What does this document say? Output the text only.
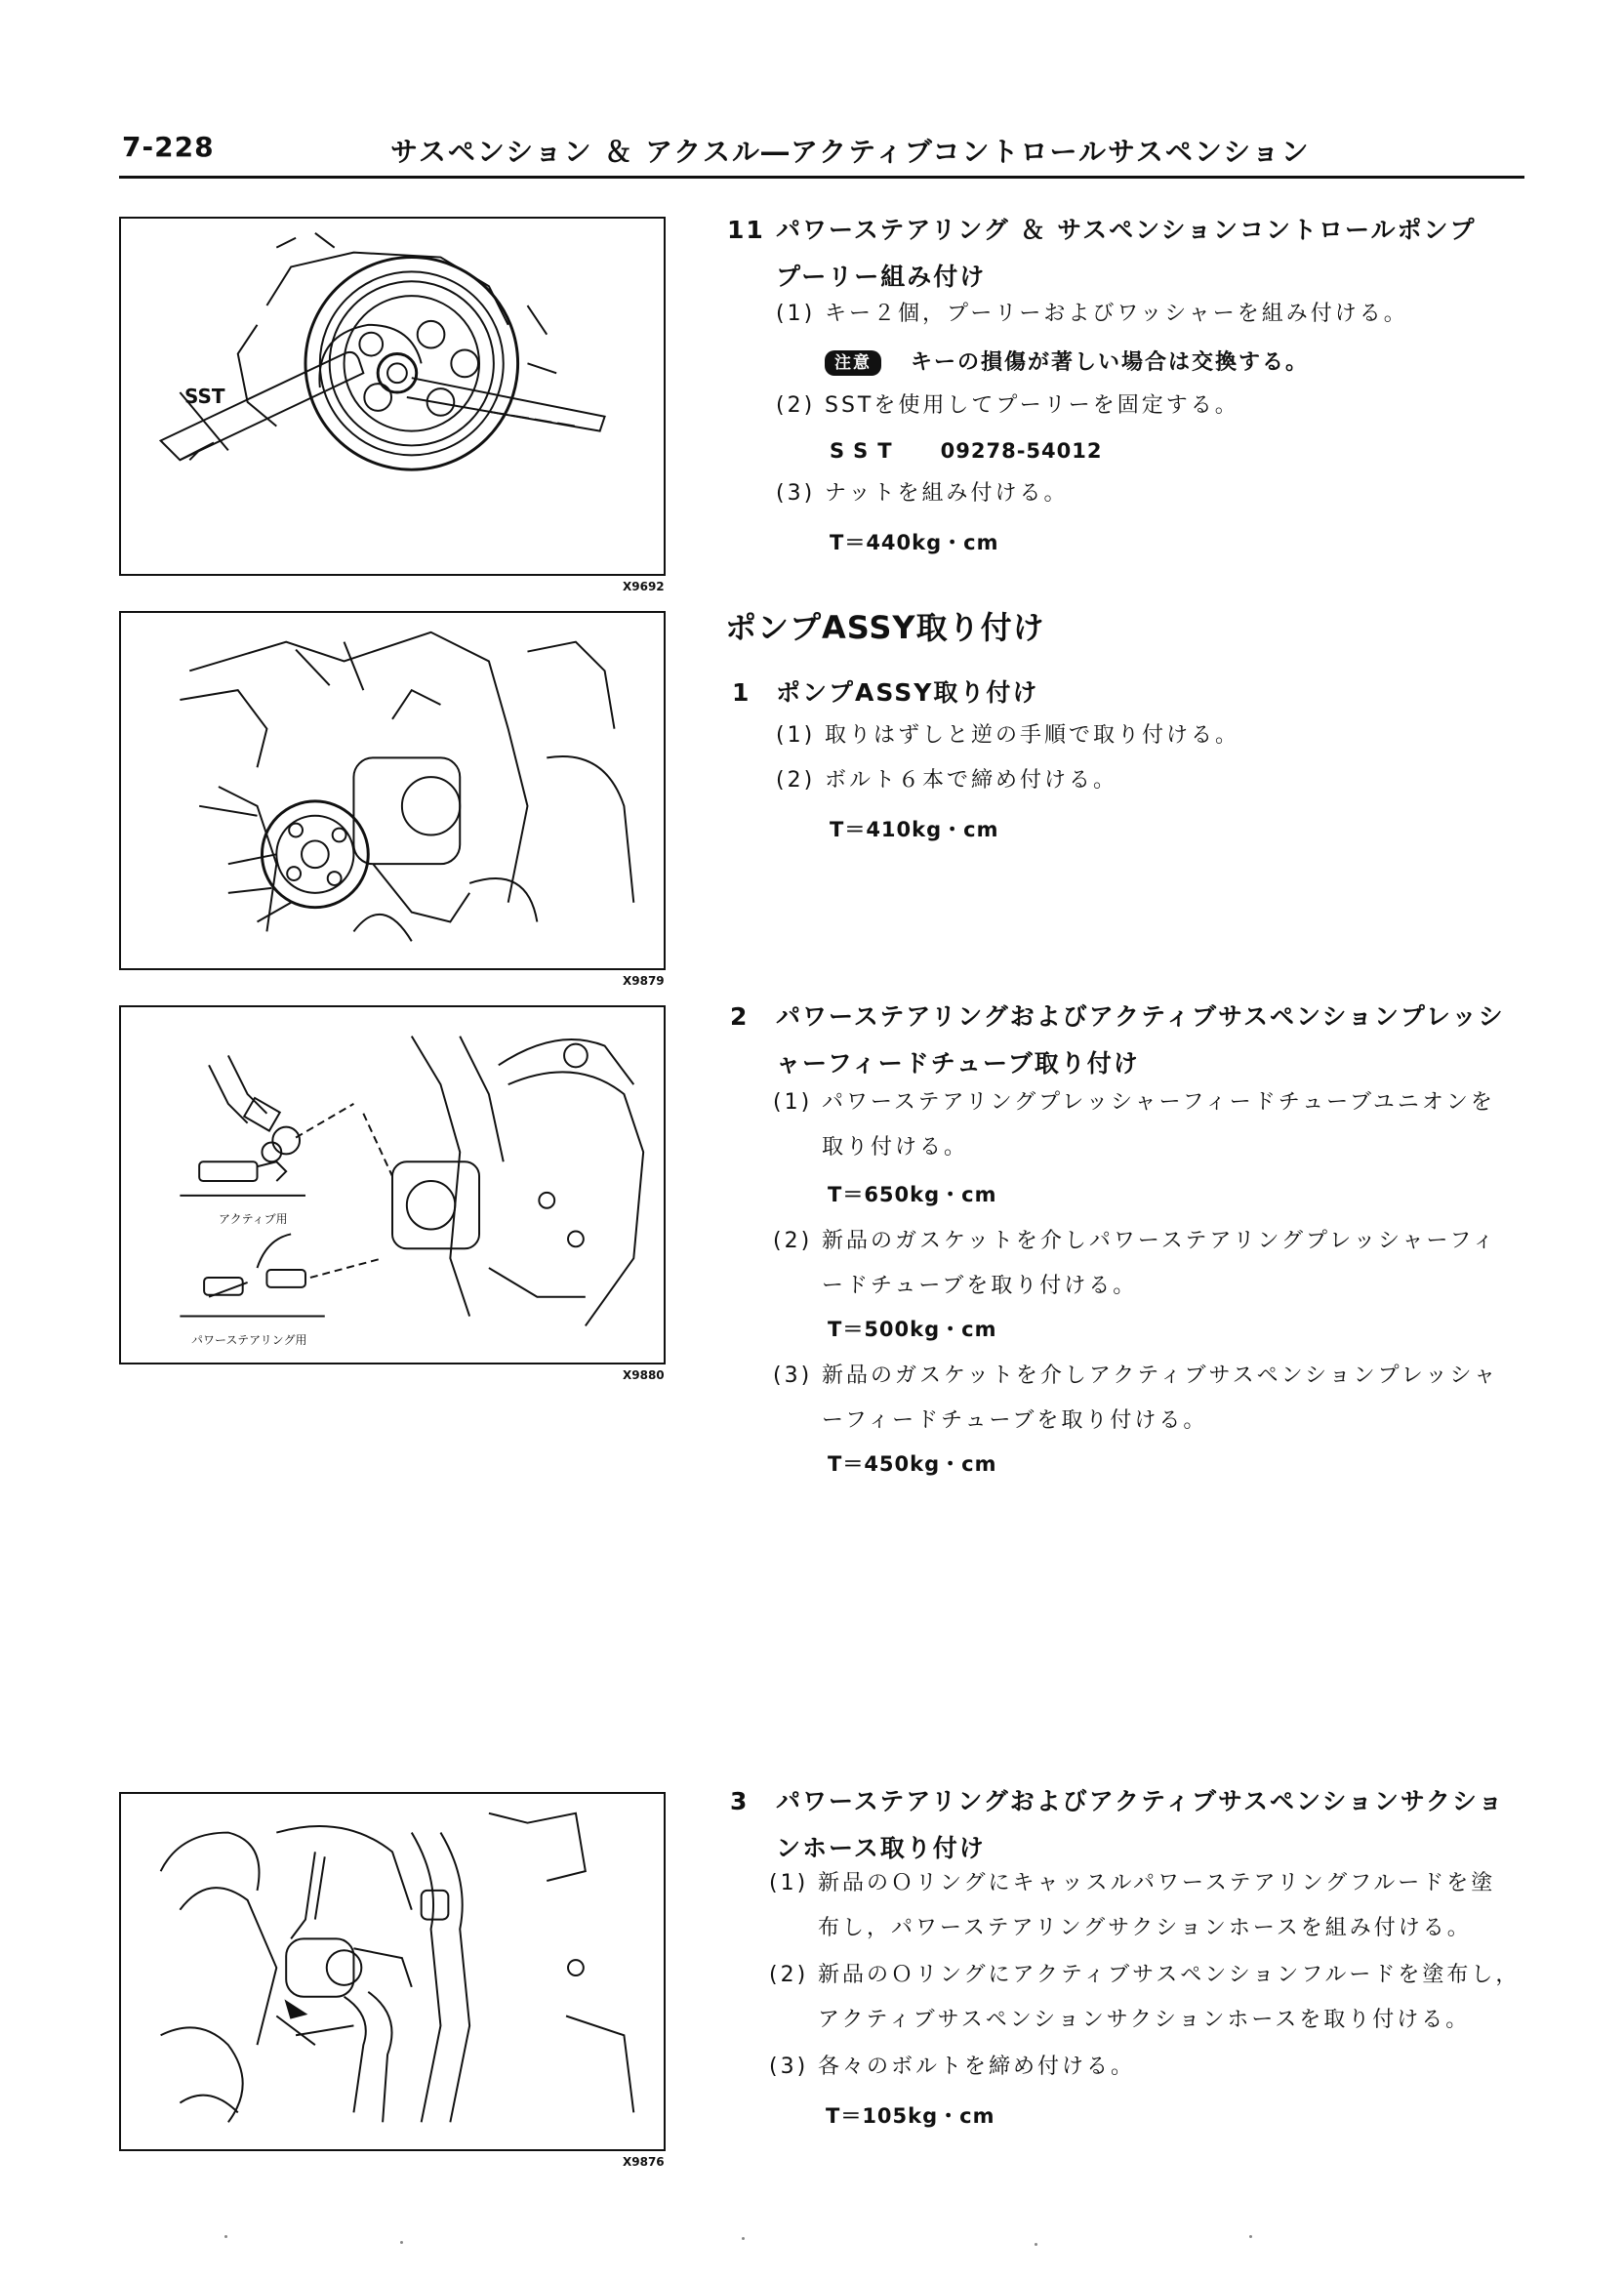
7-228	サスペンション ＆ アクスル―アクティブコントロールサスペンション
SST
X9692
X9879
アクティブ用
パワーステアリング用
X9880
X9876
11 パワーステアリング ＆ サスペンションコントロールポンプ
プーリー組み付け
(1) キー２個，プーリーおよびワッシャーを組み付ける。
注意 キーの損傷が著しい場合は交換する。
(2) SSTを使用してプーリーを固定する。
SST 09278-54012
(3) ナットを組み付ける。
T＝440kg・cm
ポンプASSY取り付け
1 ポンプASSY取り付け
(1) 取りはずしと逆の手順で取り付ける。
(2) ボルト６本で締め付ける。
T＝410kg・cm
2 パワーステアリングおよびアクティブサスペンションプレッシ
ャーフィードチューブ取り付け
(1) パワーステアリングプレッシャーフィードチューブユニオンを
取り付ける。
T＝650kg・cm
(2) 新品のガスケットを介しパワーステアリングプレッシャーフィ
ードチューブを取り付ける。
T＝500kg・cm
(3) 新品のガスケットを介しアクティブサスペンションプレッシャ
ーフィードチューブを取り付ける。
T＝450kg・cm
3 パワーステアリングおよびアクティブサスペンションサクショ
ンホース取り付け
(1) 新品のＯリングにキャッスルパワーステアリングフルードを塗
布し，パワーステアリングサクションホースを組み付ける。
(2) 新品のＯリングにアクティブサスペンションフルードを塗布し，
アクティブサスペンションサクションホースを取り付ける。
(3) 各々のボルトを締め付ける。
T＝105kg・cm
